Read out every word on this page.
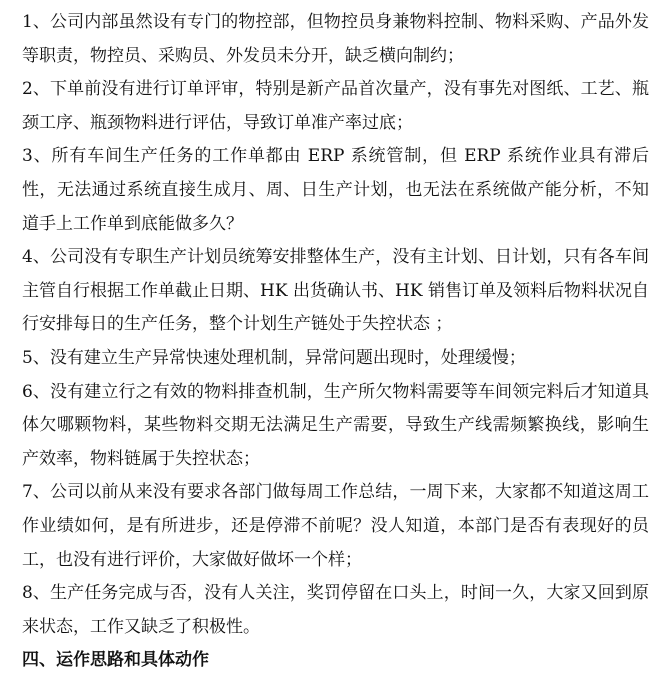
1、公司内部虽然设有专门的物控部，但物控员身兼物料控制、物料采购、产品外发等职责，物控员、采购员、外发员未分开，缺乏横向制约；

2、下单前没有进行订单评审，特别是新产品首次量产，没有事先对图纸、工艺、瓶颈工序、瓶颈物料进行评估，导致订单准产率过底；

3、所有车间生产任务的工作单都由 ERP 系统管制，但 ERP 系统作业具有滞后性，无法通过系统直接生成月、周、日生产计划，也无法在系统做产能分析，不知道手上工作单到底能做多久？

4、公司没有专职生产计划员统筹安排整体生产，没有主计划、日计划，只有各车间主管自行根据工作单截止日期、HK 出货确认书、HK 销售订单及领料后物料状况自行安排每日的生产任务，整个计划生产链处于失控状态 ；

5、没有建立生产异常快速处理机制，异常问题出现时，处理缓慢；

6、没有建立行之有效的物料排查机制，生产所欠物料需要等车间领完料后才知道具体欠哪颗物料，某些物料交期无法满足生产需要，导致生产线需频繁换线，影响生产效率，物料链属于失控状态；

7、公司以前从来没有要求各部门做每周工作总结，一周下来，大家都不知道这周工作业绩如何，是有所进步，还是停滞不前呢？没人知道，本部门是否有表现好的员工，也没有进行评价，大家做好做坏一个样；

8、生产任务完成与否，没有人关注，奖罚停留在口头上，时间一久，大家又回到原来状态，工作又缺乏了积极性。

四、运作思路和具体动作
